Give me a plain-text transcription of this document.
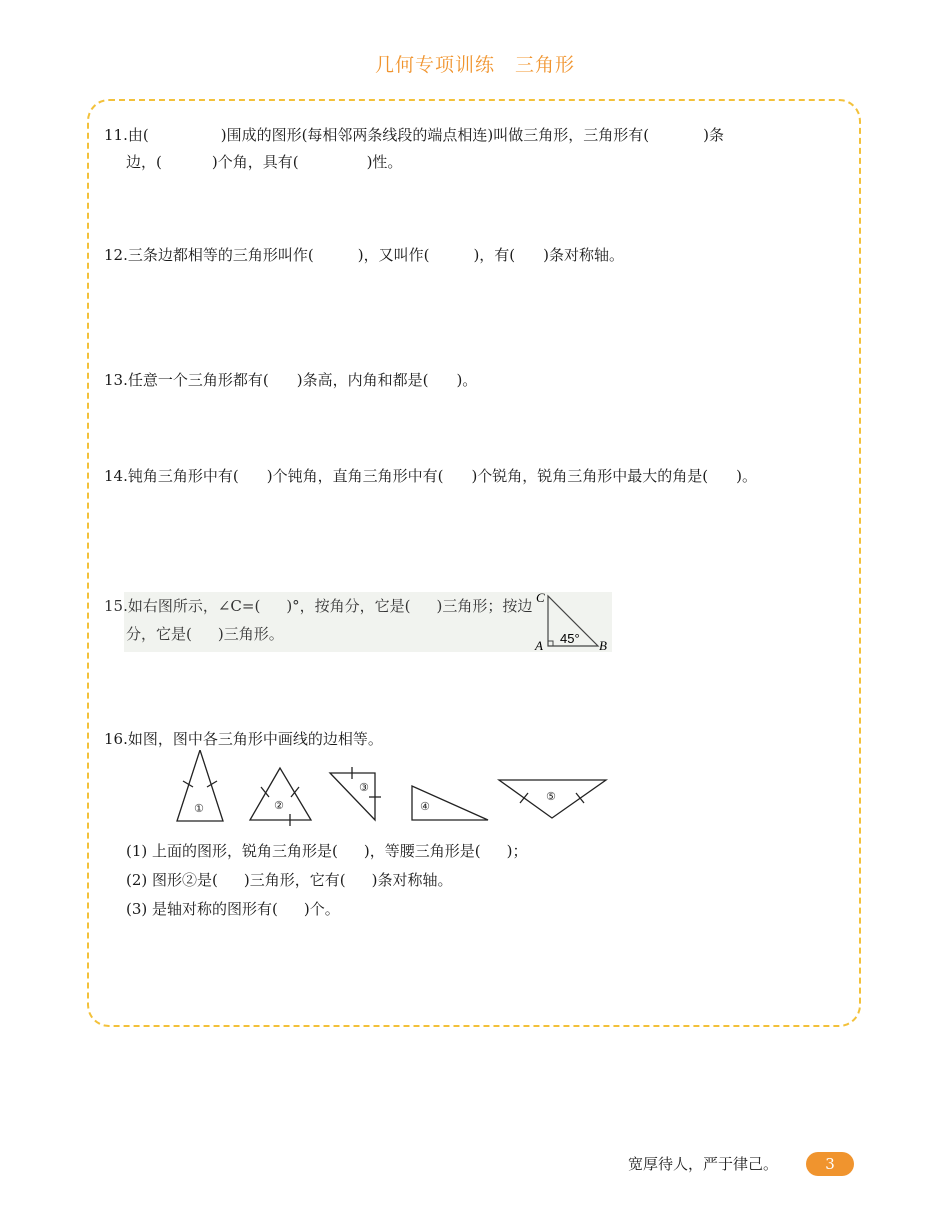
几何专项训练　三角形
11.由(	)围成的图形(每相邻两条线段的端点相连)叫做三角形，三角形有(	)条
边，(	)个角，具有(	)性。
12.三条边都相等的三角形叫作(	)，又叫作(	)，有( )条对称轴。
13.任意一个三角形都有( )条高，内角和都是( )。
14.钝角三角形中有( )个钝角，直角三角形中有( )个锐角，锐角三角形中最大的角是( )。
15.如右图所示，∠C=( )°，按角分，它是( )三角形；按边
分，它是( )三角形。
C
A	B
45°
16.如图，图中各三角形中画线的边相等。
①	②
③
④
⑤
(1) 上面的图形，锐角三角形是( )，等腰三角形是( )；
(2) 图形②是( )三角形，它有( )条对称轴。
(3) 是轴对称的图形有( )个。
宽厚待人，严于律己。	3
